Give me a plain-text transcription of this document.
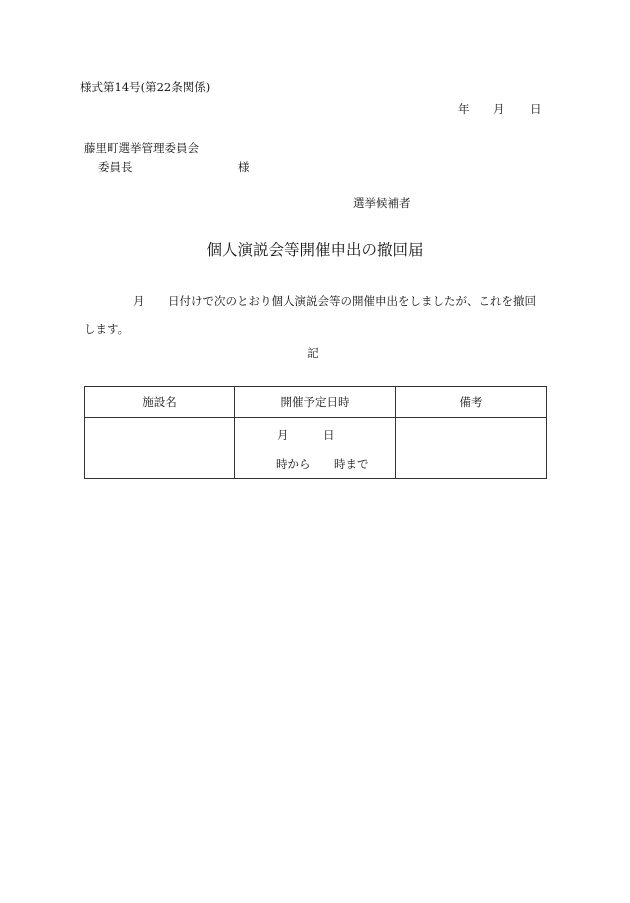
様式第14号(第22条関係)
年 月 日
藤里町選挙管理委員会
委員長	様
選挙候補者
個人演説会等開催申出の撤回届
月 日付けで次のとおり個人演説会等の開催申出をしましたが、これを撤回
します。
記
施設名	開催予定日時	備考

	月 日
時から 時まで	
